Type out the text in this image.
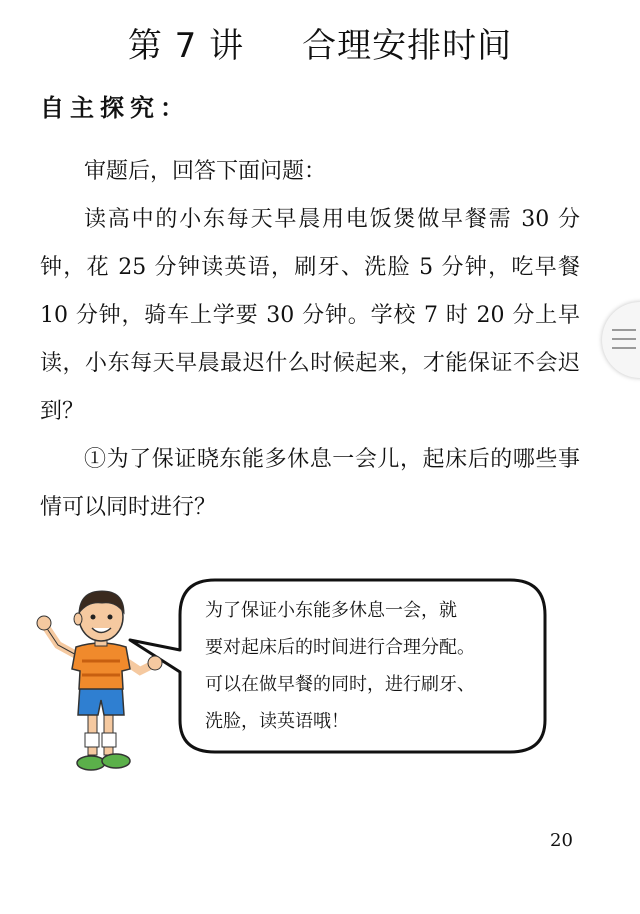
第 7 讲 合理安排时间
自主探究：

审题后，回答下面问题：

读高中的小东每天早晨用电饭煲做早餐需 30 分钟，花 25 分钟读英语，刷牙、洗脸 5 分钟，吃早餐 10 分钟，骑车上学要 30 分钟。学校 7 时 20 分上早读，小东每天早晨最迟什么时候起来，才能保证不会迟到？

①为了保证晓东能多休息一会儿，起床后的哪些事情可以同时进行？

为了保证小东能多休息一会，就
要对起床后的时间进行合理分配。
可以在做早餐的同时，进行刷牙、
洗脸，读英语哦！
20
